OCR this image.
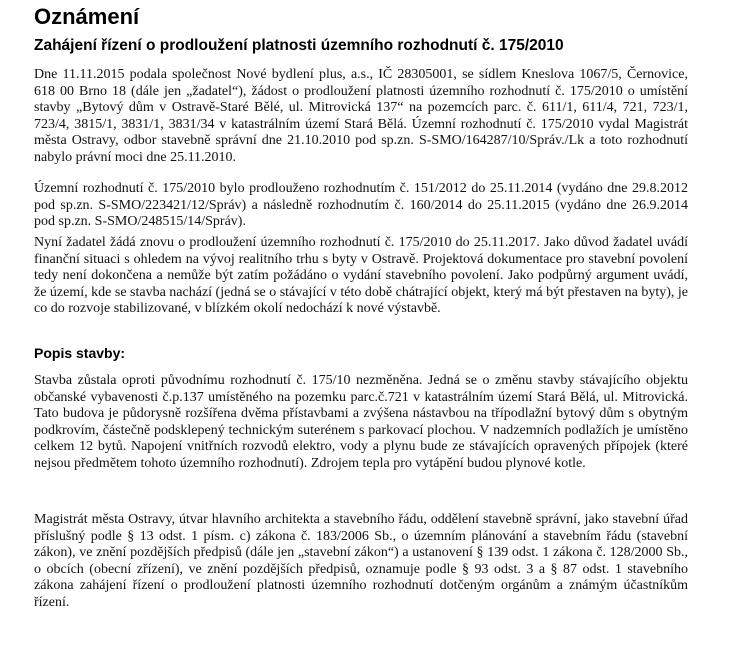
Oznámení
Zahájení řízení o prodloužení platnosti územního rozhodnutí č. 175/2010

Dne 11.11.2015 podala společnost Nové bydlení plus, a.s., IČ 28305001, se sídlem Kneslova 1067/5, Černovice, 618 00 Brno 18 (dále jen „žadatel“), žádost o prodloužení platnosti územního rozhodnutí č. 175/2010 o umístění stavby „Bytový dům v Ostravě-Staré Bělé, ul. Mitrovická 137“ na pozemcích parc. č. 611/1, 611/4, 721, 723/1, 723/4, 3815/1, 3831/1, 3831/34 v katastrálním území Stará Bělá. Územní rozhodnutí č. 175/2010 vydal Magistrát města Ostravy, odbor stavebně správní dne 21.10.2010 pod sp.zn. S-SMO/164287/10/Správ./Lk a toto rozhodnutí nabylo právní moci dne 25.11.2010.

Územní rozhodnutí č. 175/2010 bylo prodlouženo rozhodnutím č. 151/2012 do 25.11.2014 (vydáno dne 29.8.2012 pod sp.zn. S-SMO/223421/12/Správ) a následně rozhodnutím č. 160/2014 do 25.11.2015 (vydáno dne 26.9.2014 pod sp.zn. S-SMO/248515/14/Správ).

Nyní žadatel žádá znovu o prodloužení územního rozhodnutí č. 175/2010 do 25.11.2017. Jako důvod žadatel uvádí finanční situaci s ohledem na vývoj realitního trhu s byty v Ostravě. Projektová dokumentace pro stavební povolení tedy není dokončena a nemůže být zatím požádáno o vydání stavebního povolení. Jako podpůrný argument uvádí, že území, kde se stavba nachází (jedná se o stávající v této době chátrající objekt, který má být přestaven na byty), je co do rozvoje stabilizované, v blízkém okolí nedochází k nové výstavbě.

Popis stavby:

Stavba zůstala oproti původnímu rozhodnutí č. 175/10 nezměněna. Jedná se o změnu stavby stávajícího objektu občanské vybavenosti č.p.137 umístěného na pozemku parc.č.721 v katastrálním území Stará Bělá, ul. Mitrovická. Tato budova je půdorysně rozšířena dvěma přístavbami a zvýšena nástavbou na třípodlažní bytový dům s obytným podkrovím, částečně podsklepený technickým suterénem s parkovací plochou. V nadzemních podlažích je umístěno celkem 12 bytů. Napojení vnitřních rozvodů elektro, vody a plynu bude ze stávajících opravených přípojek (které nejsou předmětem tohoto územního rozhodnutí). Zdrojem tepla pro vytápění budou plynové kotle.

Magistrát města Ostravy, útvar hlavního architekta a stavebního řádu, oddělení stavebně správní, jako stavební úřad příslušný podle § 13 odst. 1 písm. c) zákona č. 183/2006 Sb., o územním plánování a stavebním řádu (stavební zákon), ve znění pozdějších předpisů (dále jen „stavební zákon“) a ustanovení § 139 odst. 1 zákona č. 128/2000 Sb., o obcích (obecní zřízení), ve znění pozdějších předpisů, oznamuje podle § 93 odst. 3 a § 87 odst. 1 stavebního zákona zahájení řízení o prodloužení platnosti územního rozhodnutí dotčeným orgánům a známým účastníkům řízení.
